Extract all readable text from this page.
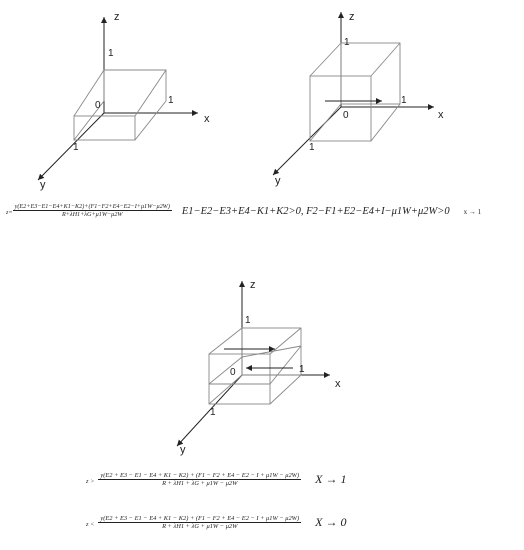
z
x
y
1
1
1
0
z
x
y
1
1
1
0
z
x
y
1
1
1
0
$z= \frac{y(E2+E3-E1-E4+K1-K2)+(F1-F2+E4-E2-I+\mu 1W-\mu 2W)}{R+\lambda H1+\lambda G+\mu 1W-\mu 2W} E1-E2-E3+E4-K1+K2>0$, F2−F1+E2−E4+I−μ1W+μ2W>0 x → 1
z >
y(E2 + E3 − E1 − E4 + K1 − K2) + (F1 − F2 + E4 − E2 − I + μ1W − μ2W)
R + λH1 + λG + μ1W − μ2W	X → 1
z <
y(E2 + E3 − E1 − E4 + K1 − K2) + (F1 − F2 + E4 − E2 − I + μ1W − μ2W)
R + λH1 + λG + μ1W − μ2W	X → 0
